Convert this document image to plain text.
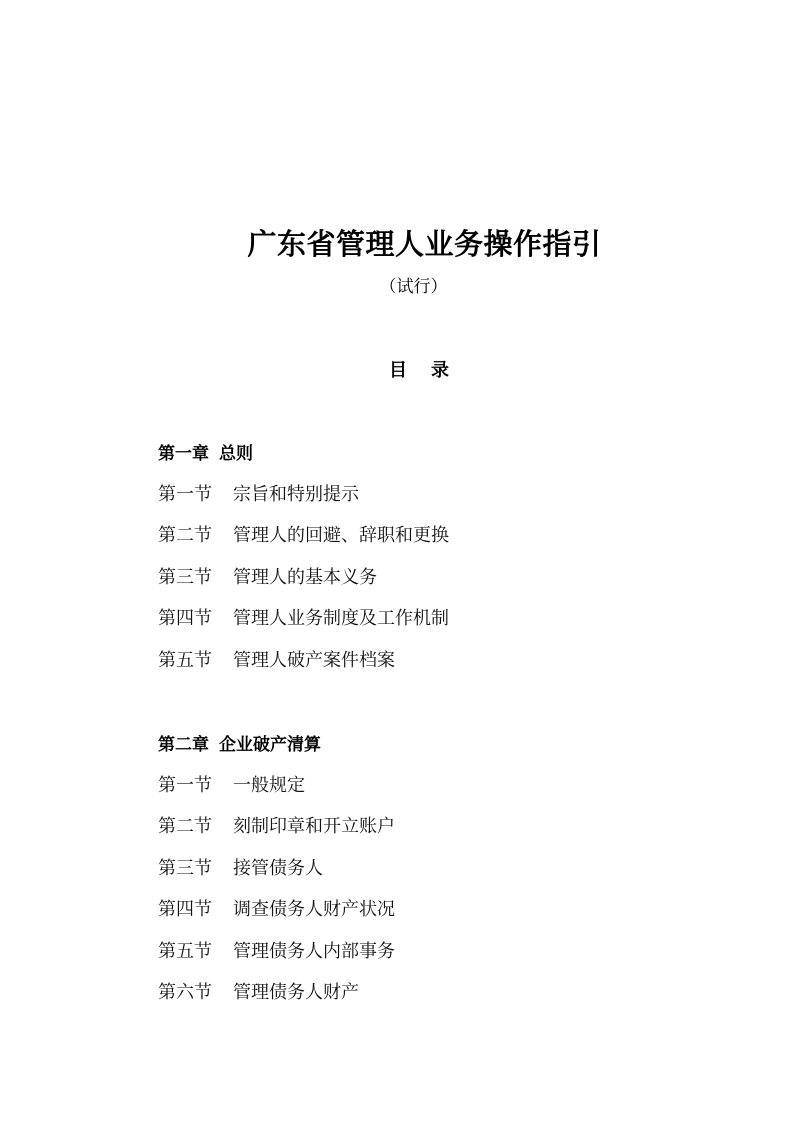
广东省管理人业务操作指引
（试行）
目录
第一章 总则
第一节 宗旨和特别提示
第二节 管理人的回避、辞职和更换
第三节 管理人的基本义务
第四节 管理人业务制度及工作机制
第五节 管理人破产案件档案
第二章 企业破产清算
第一节 一般规定
第二节 刻制印章和开立账户
第三节 接管债务人
第四节 调查债务人财产状况
第五节 管理债务人内部事务
第六节 管理债务人财产
